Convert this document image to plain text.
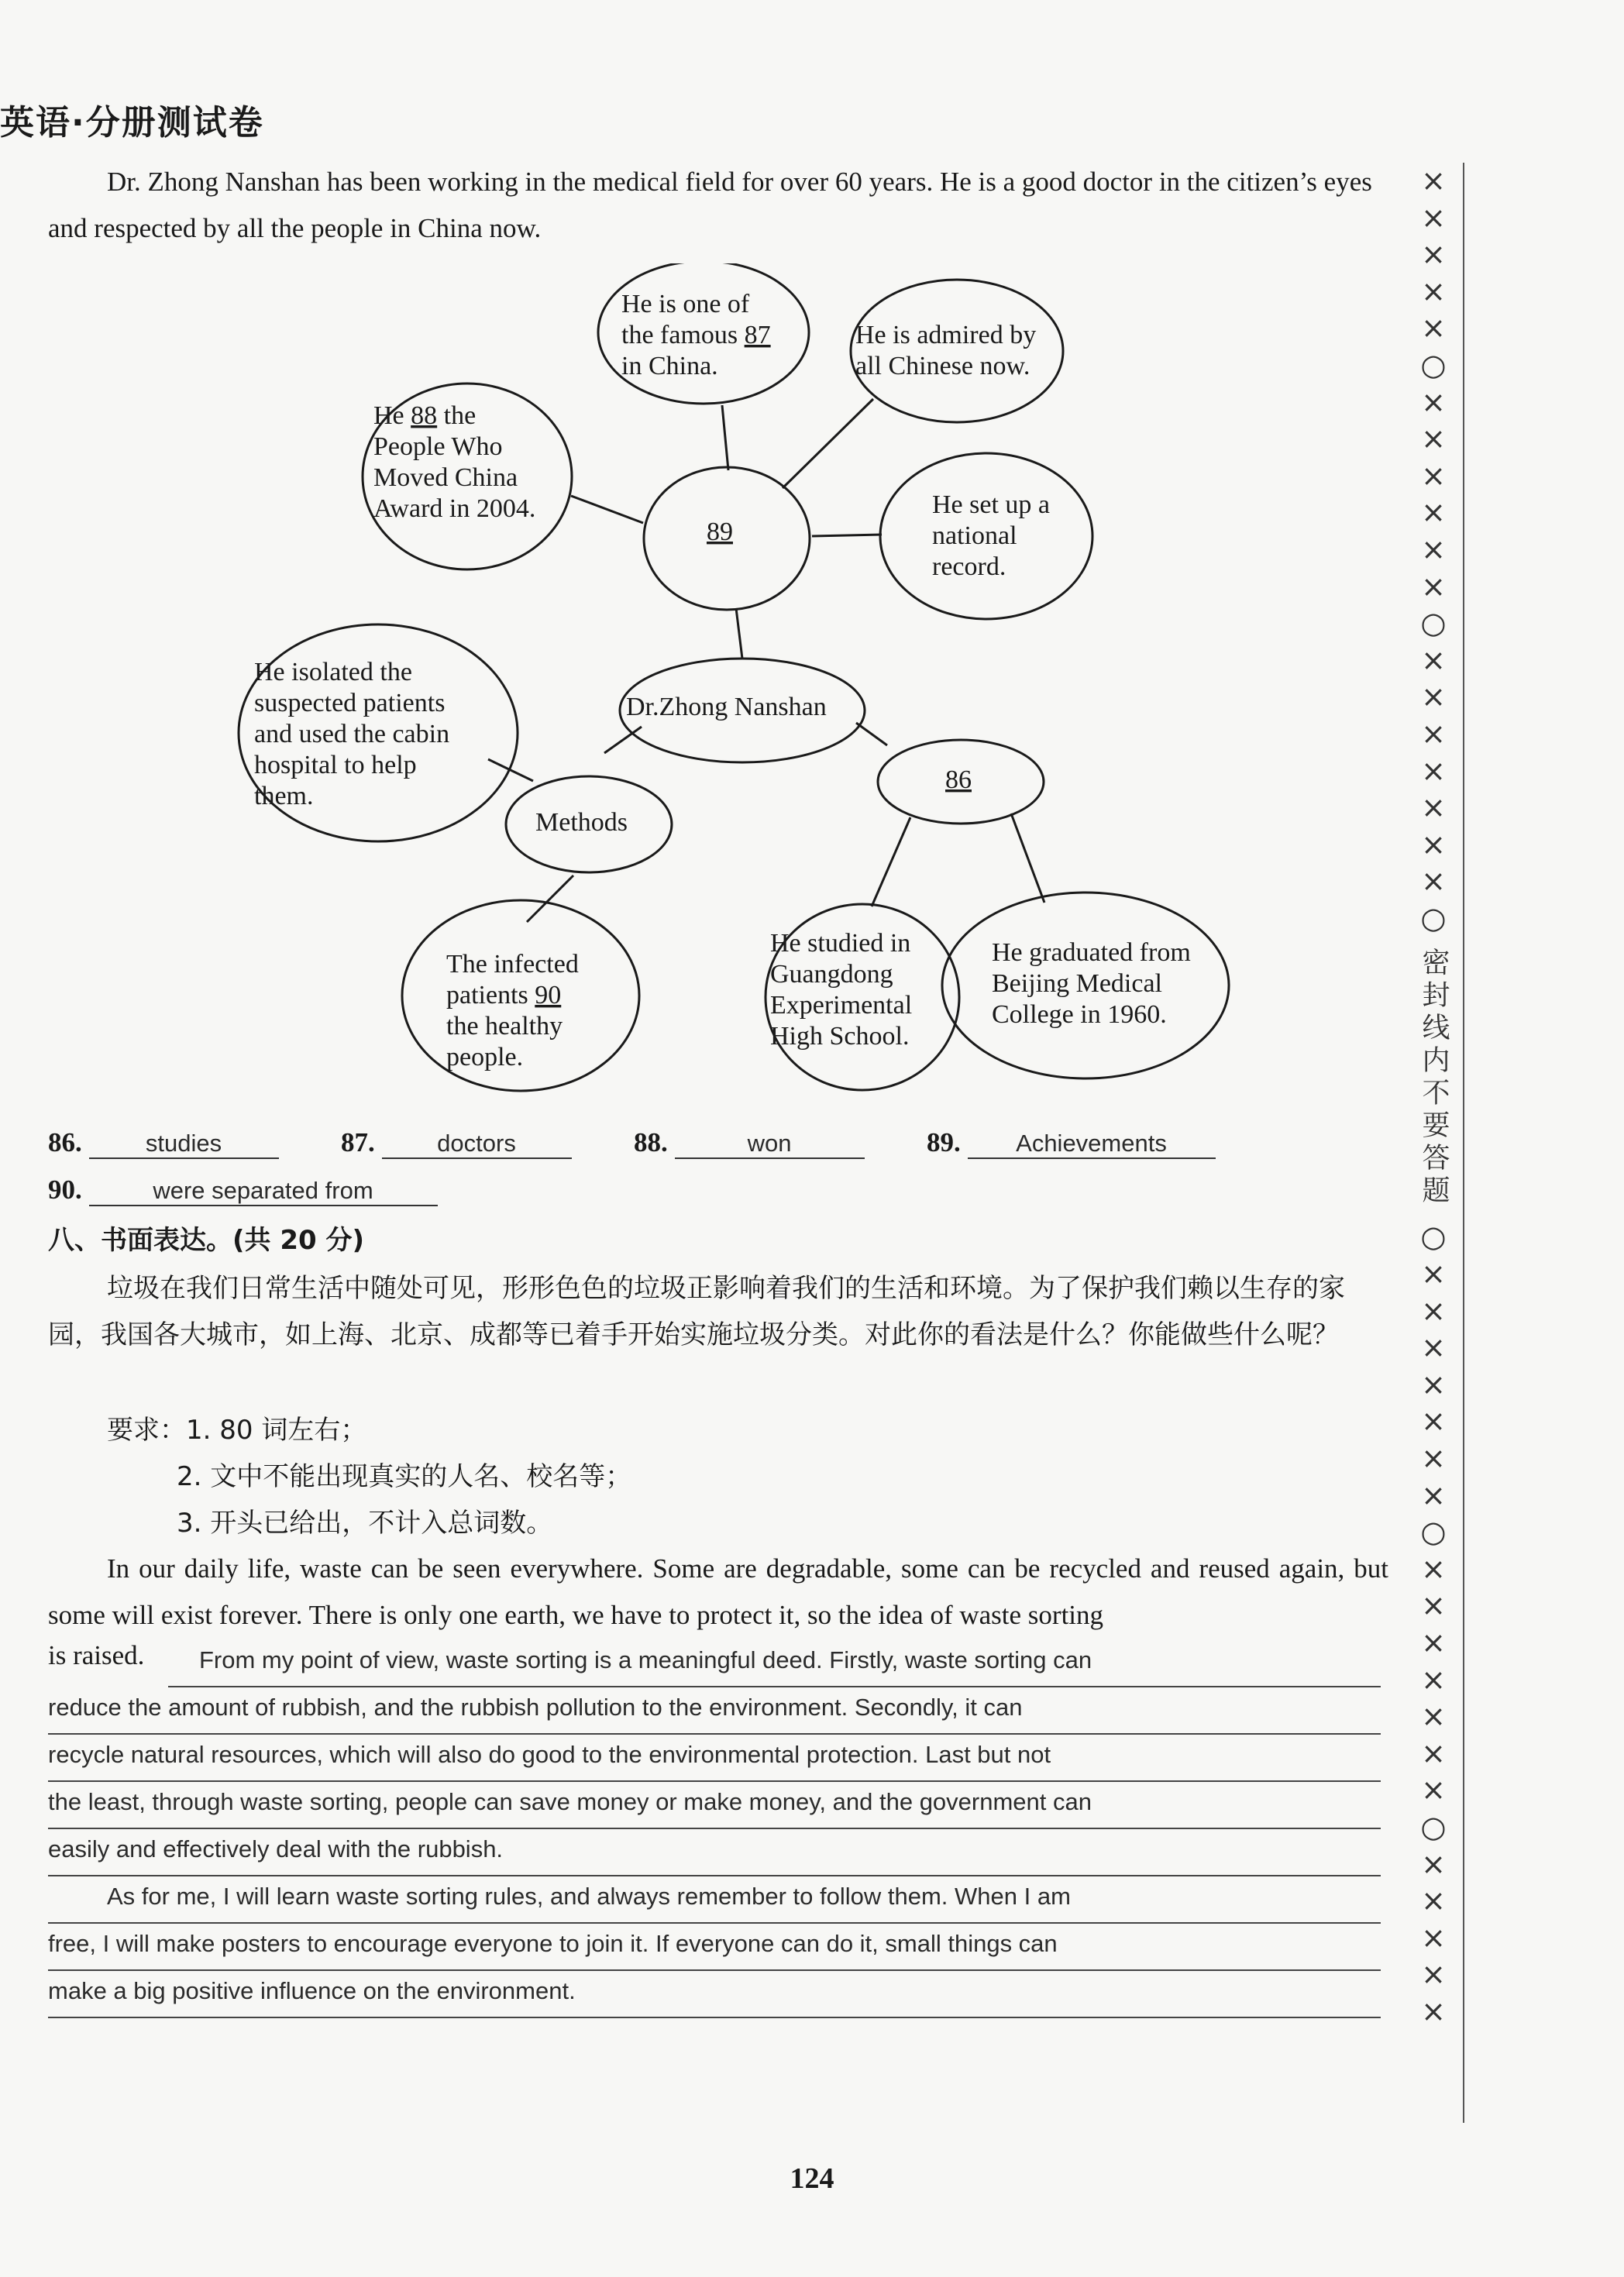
英语·分册测试卷
Dr. Zhong Nanshan has been working in the medical field for over 60 years. He is a good doctor in the citizen’s eyes and respected by all the people in China now.
89
He is one of
the famous 87
in China.
He is admired by
all Chinese now.
He 88 the
People Who
Moved China
Award in 2004.	He set up a
national
record.
Dr.Zhong Nanshan
86
Methods
He isolated the
suspected patients
and used the cabin
hospital to help
them.
The infected
patients 90
the healthy
people.
He studied in
Guangdong
Experimental
High School.
He graduated from
Beijing Medical
College in 1960.
86.	studies	87.	doctors	88.	won	89. Achievements
90.	were separated from
八、书面表达。(共 20 分)
垃圾在我们日常生活中随处可见，形形色色的垃圾正影响着我们的生活和环境。为了保护我们赖以生存的家园，我国各大城市，如上海、北京、成都等已着手开始实施垃圾分类。对此你的看法是什么？你能做些什么呢？
要求：1. 80 词左右；
2. 文中不能出现真实的人名、校名等；
3. 开头已给出，不计入总词数。
In our daily life, waste can be seen everywhere. Some are degradable, some can be recycled and reused again, but some will exist forever. There is only one earth, we have to protect it, so the idea of waste sorting
is raised.	From my point of view, waste sorting is a meaningful deed. Firstly, waste sorting can
reduce the amount of rubbish, and the rubbish pollution to the environment. Secondly, it can
recycle natural resources, which will also do good to the environmental protection. Last but not
the least, through waste sorting, people can save money or make money, and the government can
easily and effectively deal with the rubbish.
As for me, I will learn waste sorting rules, and always remember to follow them. When I am
free, I will make posters to encourage everyone to join it. If everyone can do it, small things can
make a big positive influence on the environment.
×
×
×
×
×
○
×
×
×
×
×
×
○
×
×
×
×
×
×
×
○
密封线内不要答题
○
×
×
×
×
×
×
×
○
×
×
×
×
×
×
×
○
×
×
×
×
×
124
